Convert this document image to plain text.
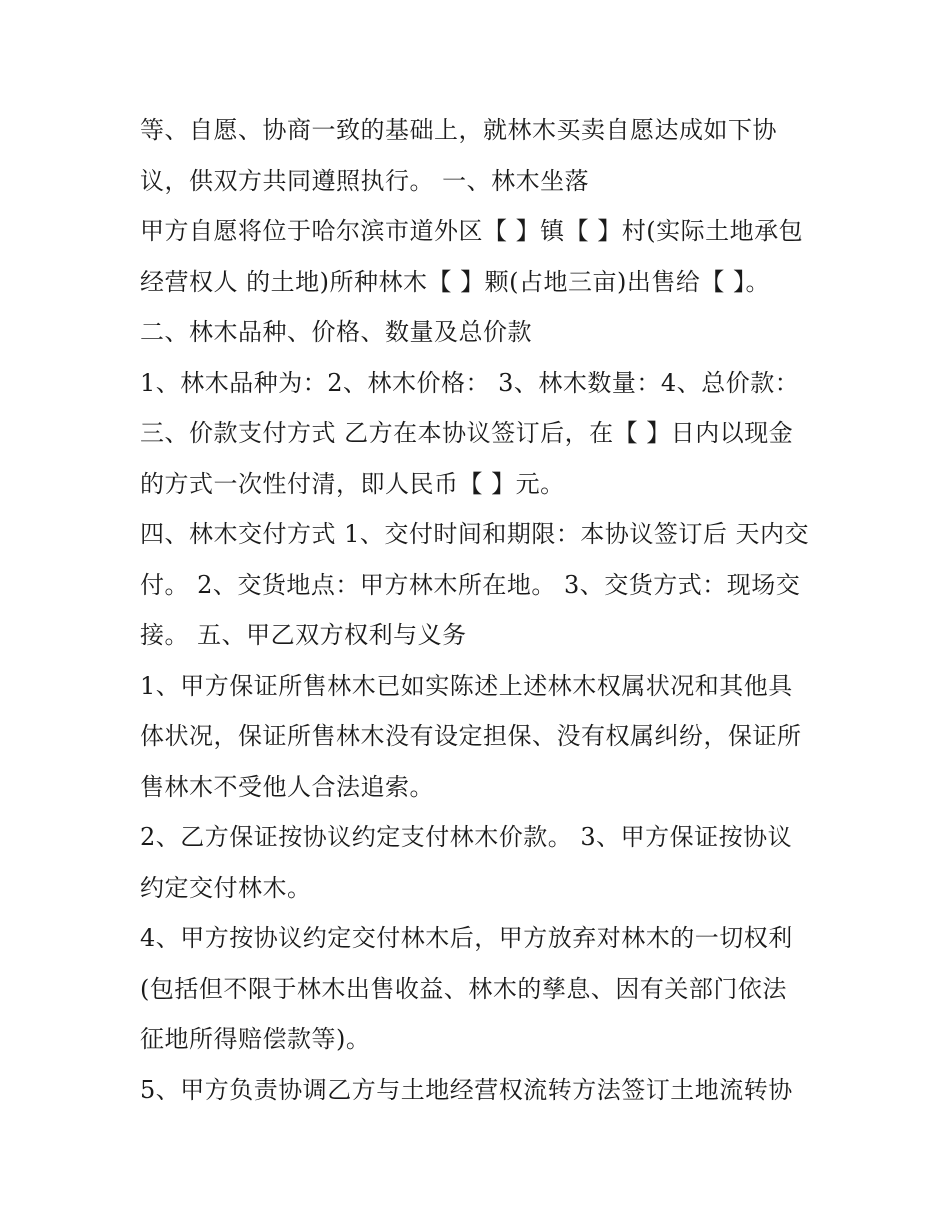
等、自愿、协商一致的基础上，就林木买卖自愿达成如下协
议，供双方共同遵照执行。 一、林木坐落
甲方自愿将位于哈尔滨市道外区【 】镇【 】村(实际土地承包
经营权人 的土地)所种林木【 】颗(占地三亩)出售给【 】。
二、林木品种、价格、数量及总价款
1、林木品种为：2、林木价格： 3、林木数量：4、总价款：
三、价款支付方式 乙方在本协议签订后，在【 】日内以现金
的方式一次性付清，即人民币【 】元。
四、林木交付方式 1、交付时间和期限：本协议签订后 天内交
付。 2、交货地点：甲方林木所在地。 3、交货方式：现场交
接。 五、甲乙双方权利与义务
1、甲方保证所售林木已如实陈述上述林木权属状况和其他具
体状况，保证所售林木没有设定担保、没有权属纠纷，保证所
售林木不受他人合法追索。
2、乙方保证按协议约定支付林木价款。 3、甲方保证按协议
约定交付林木。
4、甲方按协议约定交付林木后，甲方放弃对林木的一切权利
(包括但不限于林木出售收益、林木的孳息、因有关部门依法
征地所得赔偿款等)。
5、甲方负责协调乙方与土地经营权流转方法签订土地流转协
